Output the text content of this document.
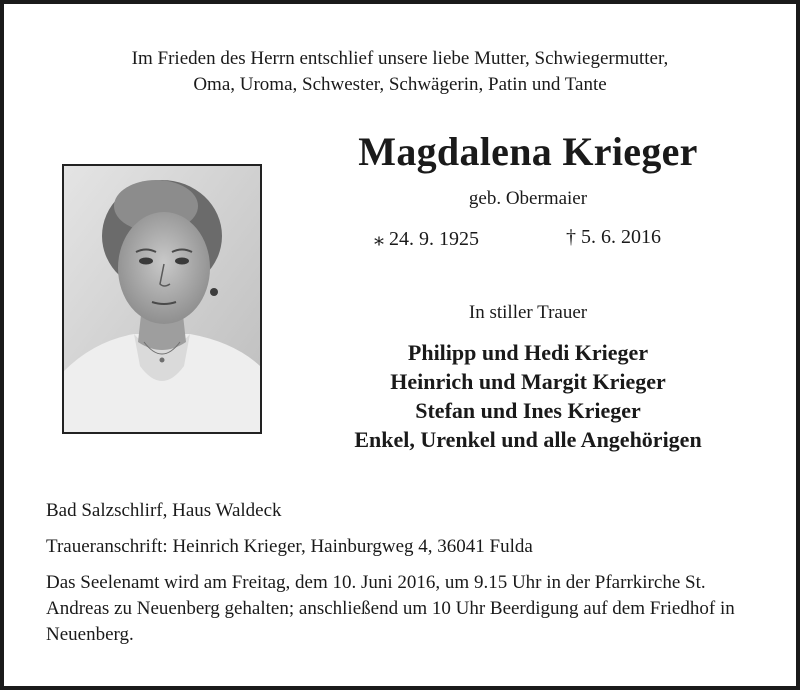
Im Frieden des Herrn entschlief unsere liebe Mutter, Schwiegermutter,
Oma, Uroma, Schwester, Schwägerin, Patin und Tante
Magdalena Krieger
geb. Obermaier
⁎ 24. 9. 1925	† 5. 6. 2016
In stiller Trauer
Philipp und Hedi Krieger
Heinrich und Margit Krieger
Stefan und Ines Krieger
Enkel, Urenkel und alle Angehörigen

Bad Salzschlirf, Haus Waldeck

Traueranschrift: Heinrich Krieger, Hainburgweg 4, 36041 Fulda

Das Seelenamt wird am Freitag, dem 10. Juni 2016, um 9.15 Uhr in der Pfarrkirche St. Andreas zu Neuenberg gehalten; anschließend um 10 Uhr Beerdigung auf dem Friedhof in Neuenberg.
